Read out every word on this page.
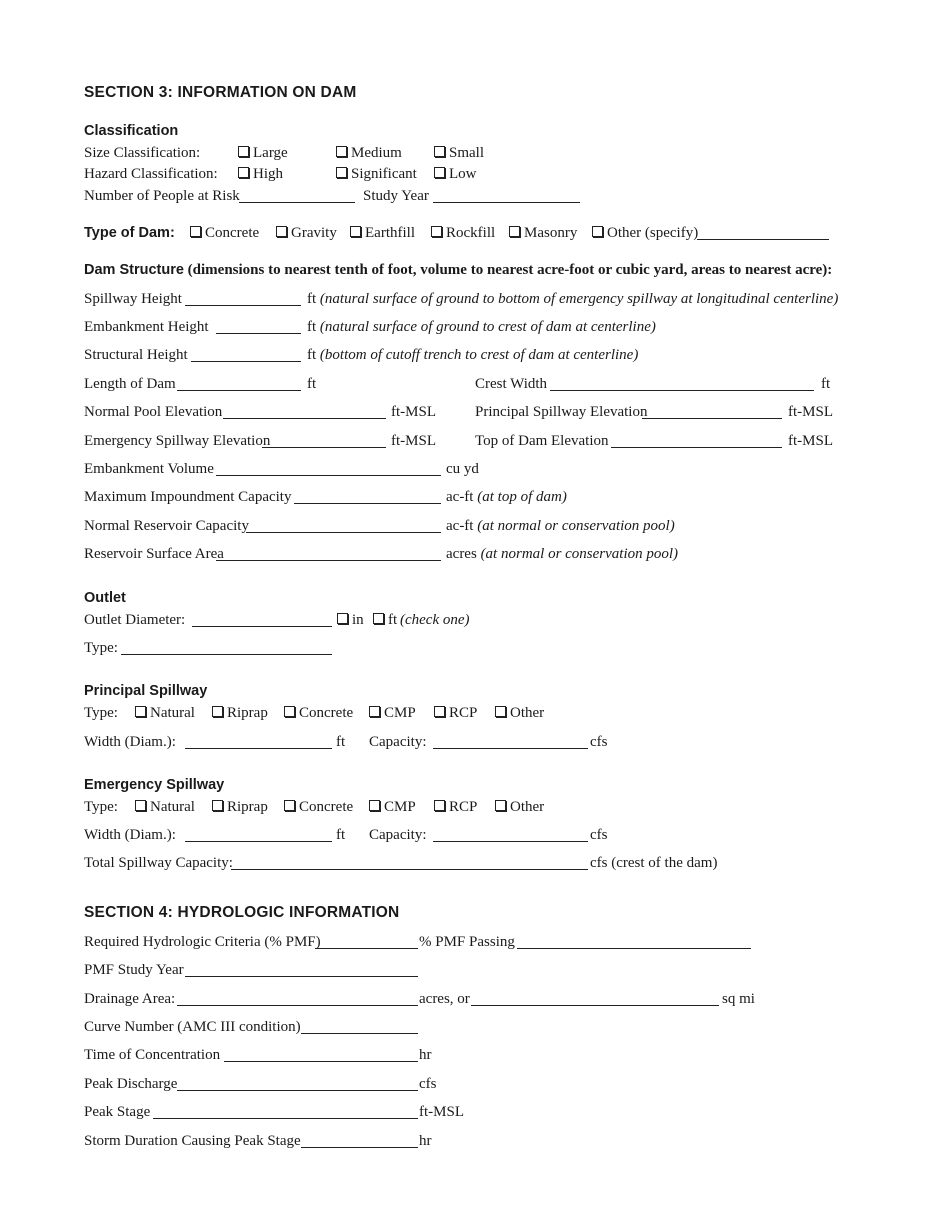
SECTION 3: INFORMATION ON DAM
Classification
Size Classification:	Large	Medium	Small
Hazard Classification:	High	Significant	Low
Number of People at Risk	Study Year
Type of Dam:	Concrete	Gravity	Earthfill	Rockfill	Masonry	Other (specify)
Dam Structure (dimensions to nearest tenth of foot, volume to nearest acre-foot or cubic yard, areas to nearest acre):
Spillway Height	ft (natural surface of ground to bottom of emergency spillway at longitudinal centerline)
Embankment Height	ft (natural surface of ground to crest of dam at centerline)
Structural Height	ft (bottom of cutoff trench to crest of dam at centerline)
Length of Dam	ft	Crest Width	ft
Normal Pool Elevation	ft-MSL	Principal Spillway Elevation	ft-MSL
Emergency Spillway Elevation	ft-MSL	Top of Dam Elevation	ft-MSL
Embankment Volume	cu yd
Maximum Impoundment Capacity	ac-ft (at top of dam)
Normal Reservoir Capacity	ac-ft (at normal or conservation pool)
Reservoir Surface Area	acres (at normal or conservation pool)
Outlet
Outlet Diameter:	in	ft (check one)
Type:
Principal Spillway
Type:	Natural	Riprap	Concrete	CMP	RCP	Other
Width (Diam.):	ft Capacity:	cfs
Emergency Spillway
Type:	Natural	Riprap	Concrete	CMP	RCP	Other
Width (Diam.):	ft Capacity:	cfs
Total Spillway Capacity:	cfs (crest of the dam)
SECTION 4: HYDROLOGIC INFORMATION
Required Hydrologic Criteria (% PMF)	% PMF Passing
PMF Study Year
Drainage Area:	acres, or	sq mi
Curve Number (AMC III condition)
Time of Concentration	hr
Peak Discharge	cfs
Peak Stage	ft-MSL
Storm Duration Causing Peak Stage	hr
